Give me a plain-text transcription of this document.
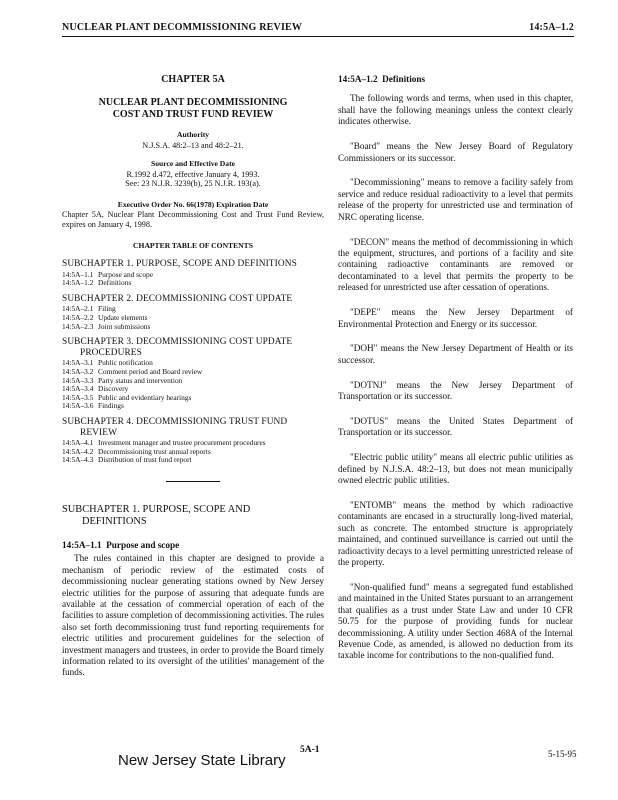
NUCLEAR PLANT DECOMMISSIONING REVIEW	14:5A–1.2
CHAPTER 5A
NUCLEAR PLANT DECOMMISSIONING
COST AND TRUST FUND REVIEW
Authority
N.J.S.A. 48:2–13 and 48:2–21.
Source and Effective Date
R.1992 d.472, effective January 4, 1993.
See: 23 N.J.R. 3239(b), 25 N.J.R. 193(a).
Executive Order No. 66(1978) Expiration Date
Chapter 5A, Nuclear Plant Decommissioning Cost and Trust Fund Review, expires on January 4, 1998.
CHAPTER TABLE OF CONTENTS
SUBCHAPTER 1. PURPOSE, SCOPE AND DEFINITIONS
14:5A–1.1 Purpose and scope
14:5A–1.2 Definitions
SUBCHAPTER 2. DECOMMISSIONING COST UPDATE
14:5A–2.1 Filing
14:5A–2.2 Update elements
14:5A–2.3 Joint submissions
SUBCHAPTER 3. DECOMMISSIONING COST UPDATE
PROCEDURES
14:5A–3.1 Public notification
14:5A–3.2 Comment period and Board review
14:5A–3.3 Party status and intervention
14:5A–3.4 Discovery
14:5A–3.5 Public and evidentiary hearings
14:5A–3.6 Findings
SUBCHAPTER 4. DECOMMISSIONING TRUST FUND
REVIEW
14:5A–4.1 Investment manager and trustee procurement procedures
14:5A–4.2 Decommissioning trust annual reports
14:5A–4.3 Distribution of trust fund report
SUBCHAPTER 1. PURPOSE, SCOPE AND
DEFINITIONS
14:5A–1.1 Purpose and scope

The rules contained in this chapter are designed to provide a mechanism of periodic review of the estimated costs of decommissioning nuclear generating stations owned by New Jersey electric utilities for the purpose of assuring that adequate funds are available at the cessation of commercial operation of each of the facilities to assure completion of decommissioning activities. The rules also set forth decommissioning trust fund reporting requirements for electric utilities and procurement guidelines for the selection of investment managers and trustees, in order to provide the Board timely information related to its oversight of the utilities' management of the funds.

14:5A–1.2 Definitions

The following words and terms, when used in this chapter, shall have the following meanings unless the context clearly indicates otherwise.

"Board" means the New Jersey Board of Regulatory Commissioners or its successor.

"Decommissioning" means to remove a facility safely from service and reduce residual radioactivity to a level that permits release of the property for unrestricted use and termination of NRC operating license.

"DECON" means the method of decommissioning in which the equipment, structures, and portions of a facility and site containing radioactive contaminants are removed or decontaminated to a level that permits the property to be released for unrestricted use after cessation of operations.

"DEPE" means the New Jersey Department of Environmental Protection and Energy or its successor.

"DOH" means the New Jersey Department of Health or its successor.

"DOTNJ" means the New Jersey Department of Transportation or its successor.

"DOTUS" means the United States Department of Transportation or its successor.

"Electric public utility" means all electric public utilities as defined by N.J.S.A. 48:2–13, but does not mean municipally owned electric public utilities.

"ENTOMB" means the method by which radioactive contaminants are encased in a structurally long-lived material, such as concrete. The entombed structure is appropriately maintained, and continued surveillance is carried out until the radioactivity decays to a level permitting unrestricted release of the property.

"Non-qualified fund" means a segregated fund established and maintained in the United States pursuant to an arrangement that qualifies as a trust under State Law and under 10 CFR 50.75 for the purpose of providing funds for nuclear decommissioning. A utility under Section 468A of the Internal Revenue Code, as amended, is allowed no deduction from its taxable income for contributions to the non-qualified fund.

New Jersey State Library
5A-1	5-15-95
